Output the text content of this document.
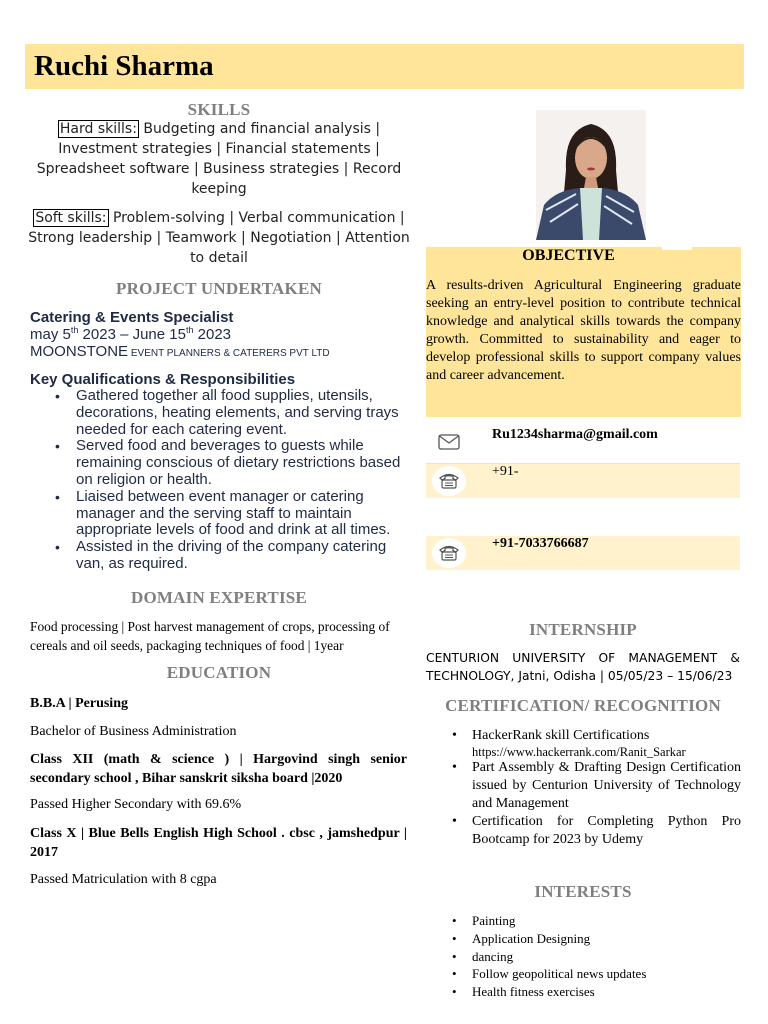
Ruchi Sharma
SKILLS
Hard skills: Budgeting and financial analysis | Investment strategies | Financial statements | Spreadsheet software | Business strategies | Record keeping
Soft skills: Problem-solving | Verbal communication | Strong leadership | Teamwork | Negotiation | Attention to detail
PROJECT UNDERTAKEN
Catering & Events Specialist
may 5th 2023 – June 15th 2023
MOONSTONE EVENT PLANNERS & CATERERS PVT LTD
Key Qualifications & Responsibilities
• Gathered together all food supplies, utensils, decorations, heating elements, and serving trays needed for each catering event.
• Served food and beverages to guests while remaining conscious of dietary restrictions based on religion or health.
• Liaised between event manager or catering manager and the serving staff to maintain appropriate levels of food and drink at all times.
• Assisted in the driving of the company catering van, as required.
DOMAIN EXPERTISE
Food processing | Post harvest management of crops, processing of cereals and oil seeds, packaging techniques of food | 1year
EDUCATION
B.B.A | Perusing
Bachelor of Business Administration
Class XII (math & science ) | Hargovind singh senior secondary school , Bihar sanskrit siksha board |2020
Passed Higher Secondary with 69.6%
Class X | Blue Bells English High School . cbsc , jamshedpur | 2017
Passed Matriculation with 8 cgpa
OBJECTIVE
A results-driven Agricultural Engineering graduate seeking an entry-level position to contribute technical knowledge and analytical skills towards the company growth. Committed to sustainability and eager to develop professional skills to support company values and career advancement.
Ru1234sharma@gmail.com
+91-
+91-7033766687
INTERNSHIP
CENTURION UNIVERSITY OF MANAGEMENT & TECHNOLOGY, Jatni, Odisha | 05/05/23 – 15/06/23
CERTIFICATION/ RECOGNITION
• HackerRank skill Certifications
https://www.hackerrank.com/Ranit_Sarkar
• Part Assembly & Drafting Design Certification issued by Centurion University of Technology and Management
• Certification for Completing Python Pro Bootcamp for 2023 by Udemy
INTERESTS
• Painting
• Application Designing
• dancing
• Follow geopolitical news updates
• Health fitness exercises
